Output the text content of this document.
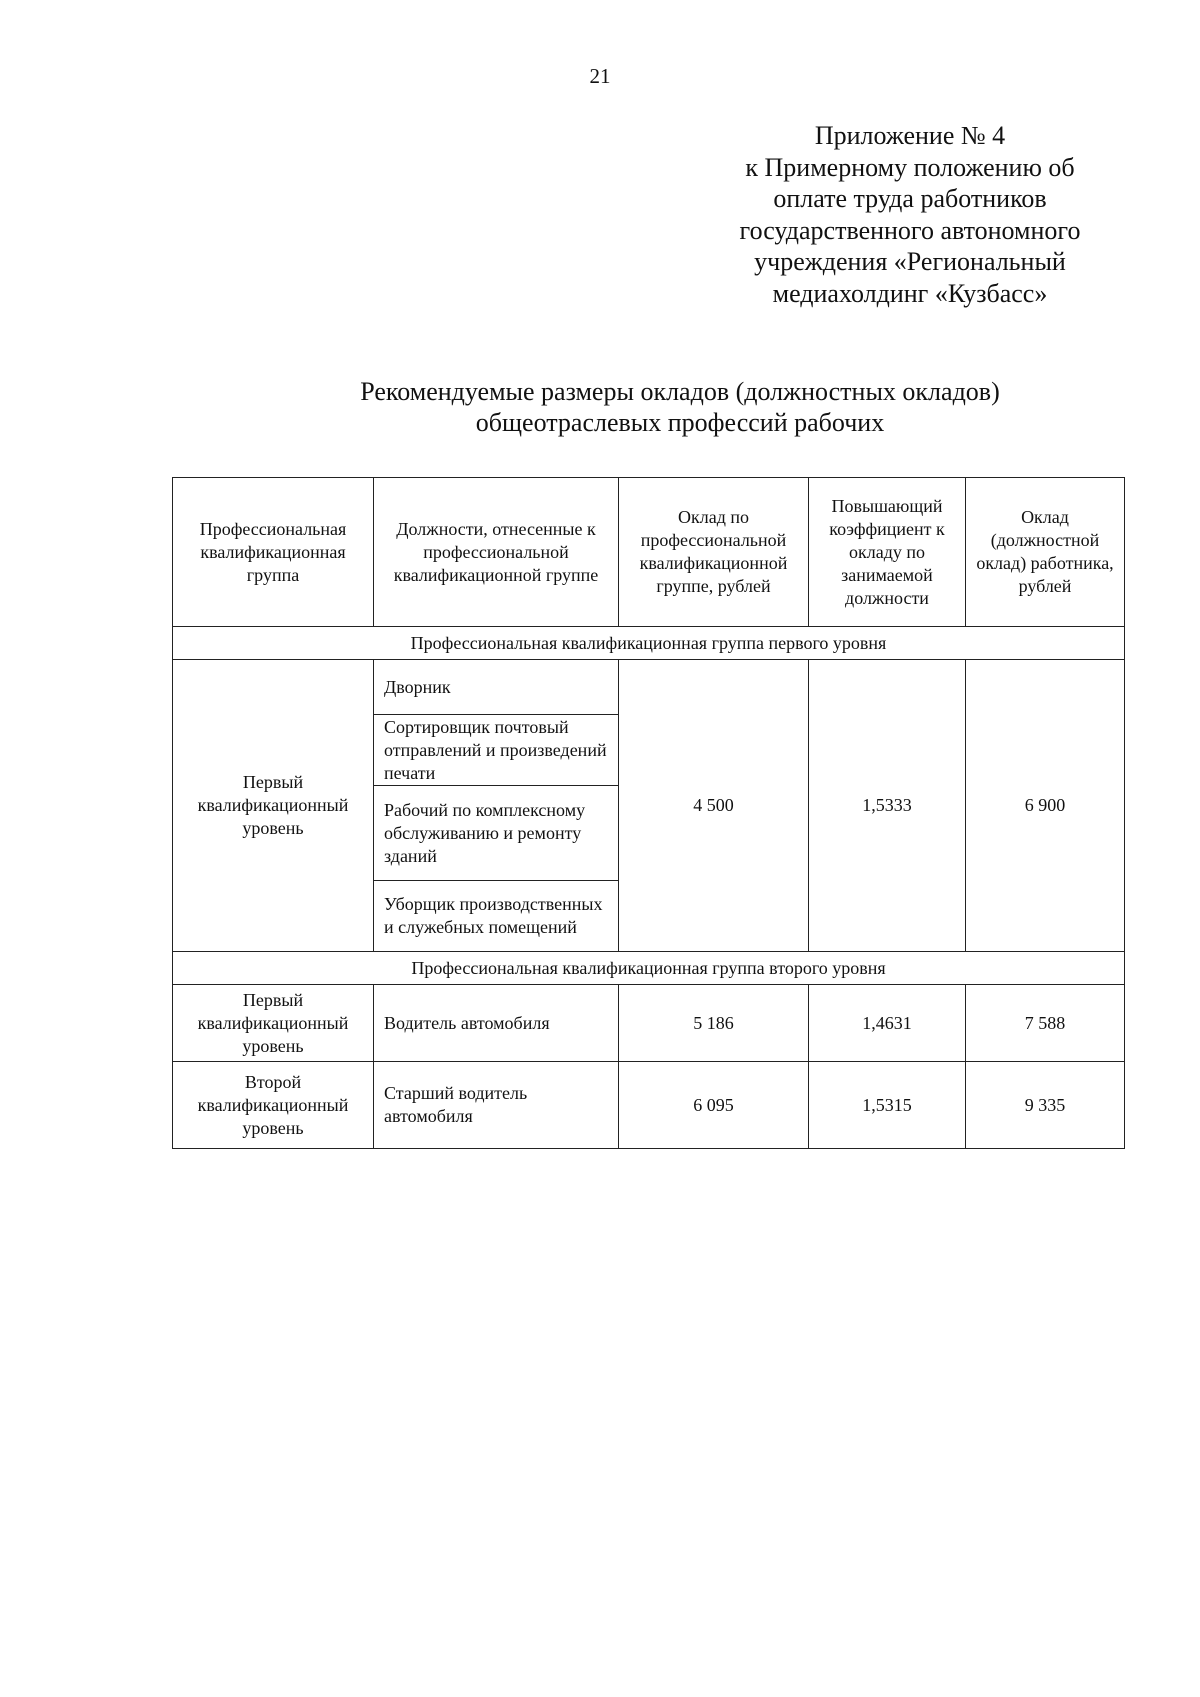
21
Приложение № 4
к Примерному положению об
оплате труда работников
государственного автономного
учреждения «Региональный
медиахолдинг «Кузбасс»
Рекомендуемые размеры окладов (должностных окладов)
общеотраслевых профессий рабочих
Профессиональная квалификационная группа	Должности, отнесенные к профессиональной квалификационной группе	Оклад по профессиональной квалификационной группе, рублей	Повышающий коэффициент к окладу по занимаемой должности	Оклад (должностной оклад) работника, рублей
Профессиональная квалификационная группа первого уровня				
Первый квалификационный уровень	Дворник	4 500	1,5333	6 900
	Сортировщик почтовый отправлений и произведений печати			
	Рабочий по комплексному обслуживанию и ремонту зданий			
	Уборщик производственных и служебных помещений			
Профессиональная квалификационная группа второго уровня				
Первый квалификационный уровень	Водитель автомобиля	5 186	1,4631	7 588
Второй квалификационный уровень	Старший водитель автомобиля	6 095	1,5315	9 335
